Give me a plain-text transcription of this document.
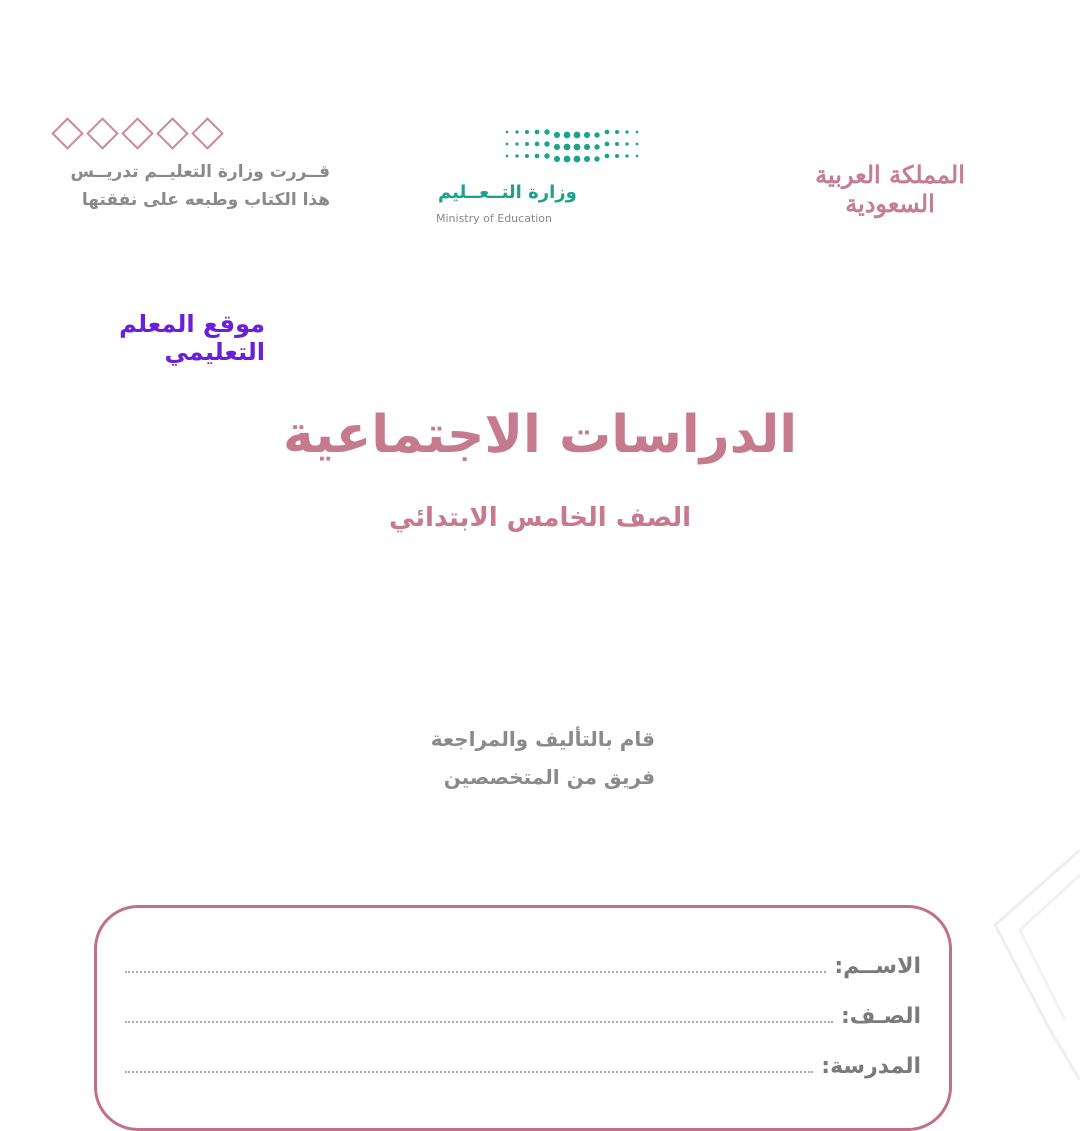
قــررت وزارة التعليــم تدريــس
هذا الكتاب وطبعه على نفقتها	وزارة التــعــليم
Ministry of Education
المملكة العربية السعودية
موقع المعلم التعليمي
الدراسات الاجتماعية
الصف الخامس الابتدائي
قام بالتأليف والمراجعة
فريق من المتخصصين
الاســم:
الصـف:
المدرسة:
